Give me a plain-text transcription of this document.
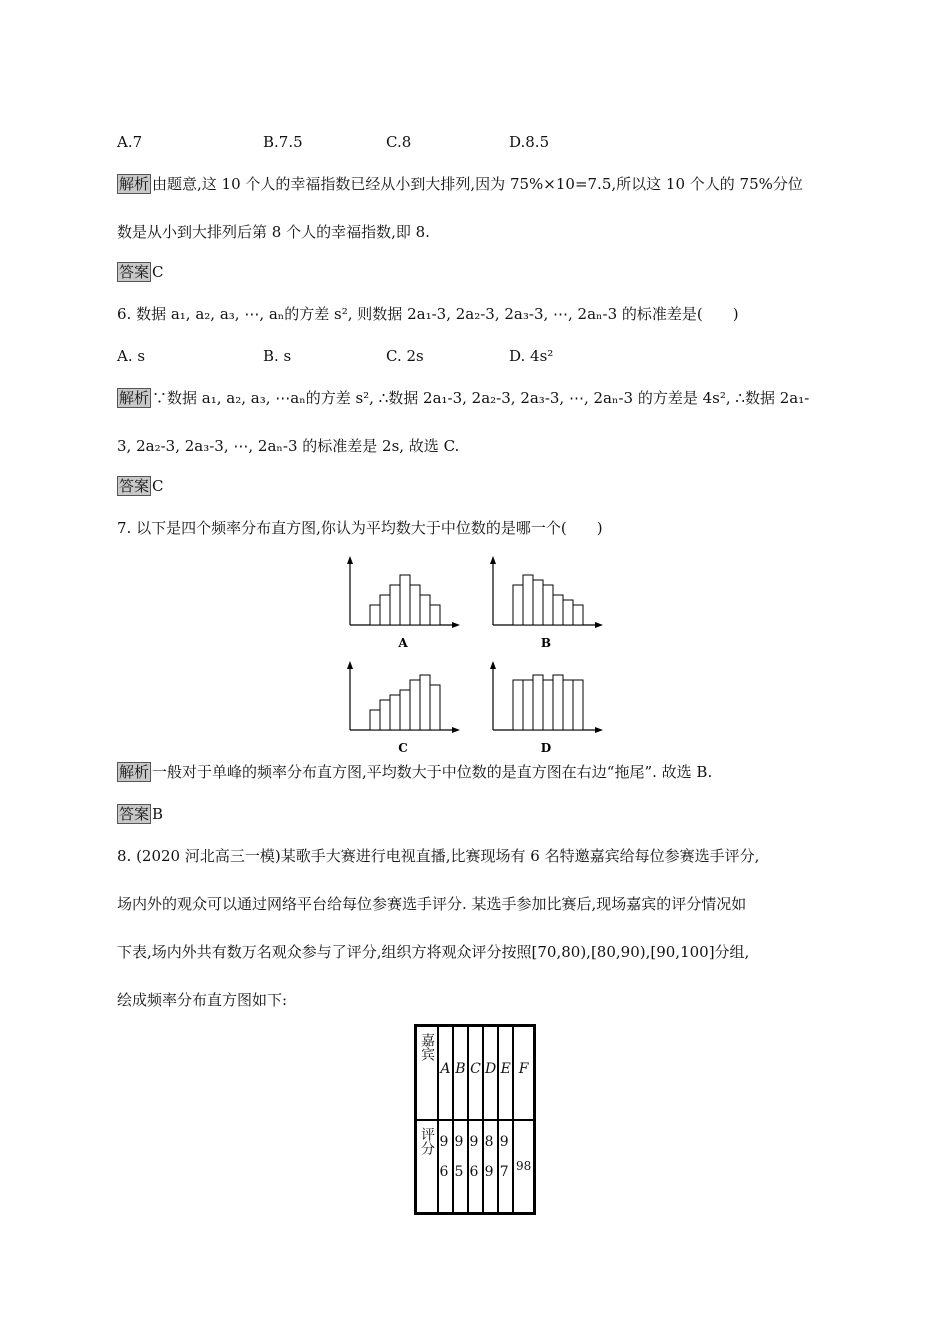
A.7	B.7.5	C.8	D.8.5
解析 由题意,这 10 个人的幸福指数已经从小到大排列,因为 75%×10=7.5,所以这 10 个人的 75%分位
数是从小到大排列后第 8 个人的幸福指数,即 8.
答案 C
6. 数据 a₁, a₂, a₃, ⋯, aₙ的方差 s², 则数据 2a₁-3, 2a₂-3, 2a₃-3, ⋯, 2aₙ-3 的标准差是(　　)
A. s	B. s	C. 2s	D. 4s²
解析 ∵数据 a₁, a₂, a₃, ⋯aₙ的方差 s², ∴数据 2a₁-3, 2a₂-3, 2a₃-3, ⋯, 2aₙ-3 的方差是 4s², ∴数据 2a₁-
3, 2a₂-3, 2a₃-3, ⋯, 2aₙ-3 的标准差是 2s, 故选 C.
答案 C
7. 以下是四个频率分布直方图,你认为平均数大于中位数的是哪一个(　　)
A	B
C	D
解析 一般对于单峰的频率分布直方图,平均数大于中位数的是直方图在右边“拖尾”. 故选 B.
答案 B
8. (2020 河北高三一模)某歌手大赛进行电视直播,比赛现场有 6 名特邀嘉宾给每位参赛选手评分,
场内外的观众可以通过网络平台给每位参赛选手评分. 某选手参加比赛后,现场嘉宾的评分情况如
下表,场内外共有数万名观众参与了评分,组织方将观众评分按照[70,80),[80,90),[90,100]分组,
绘成频率分布直方图如下:
嘉宾	A	B	C	D	E	F

评分	96	95	96	89	97	98
